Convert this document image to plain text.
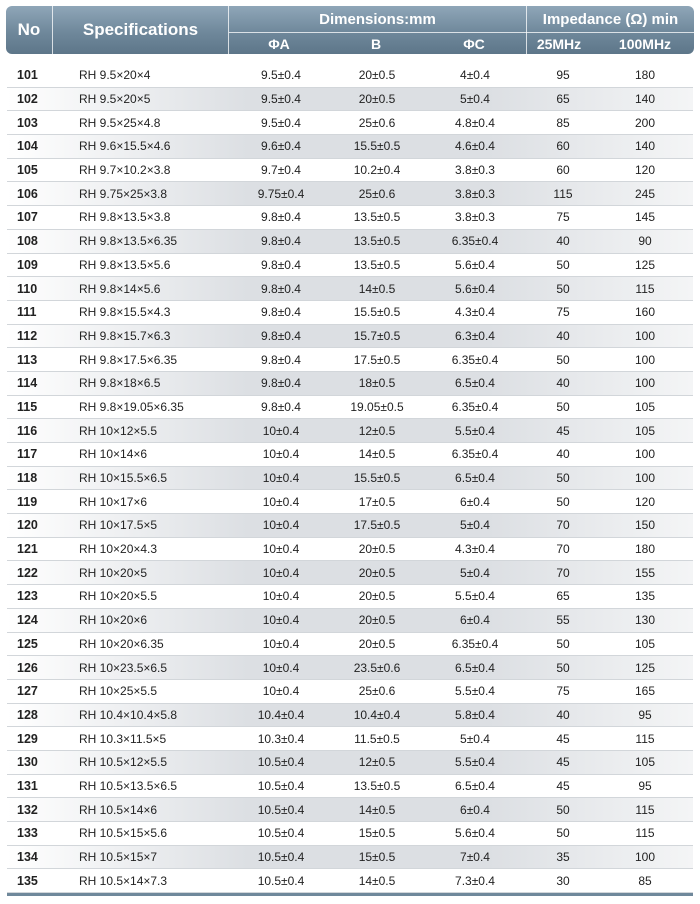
No	Specifications
Dimensions:mm
ΦA	B	ΦC
Impedance (Ω) min
25MHz	100MHz
101	RH 9.5×20×4	9.5±0.4	20±0.5	4±0.4	95	180
102	RH 9.5×20×5	9.5±0.4	20±0.5	5±0.4	65	140
103	RH 9.5×25×4.8	9.5±0.4	25±0.6	4.8±0.4	85	200
104	RH 9.6×15.5×4.6	9.6±0.4	15.5±0.5	4.6±0.4	60	140
105	RH 9.7×10.2×3.8	9.7±0.4	10.2±0.4	3.8±0.3	60	120
106	RH 9.75×25×3.8	9.75±0.4	25±0.6	3.8±0.3	115	245
107	RH 9.8×13.5×3.8	9.8±0.4	13.5±0.5	3.8±0.3	75	145
108	RH 9.8×13.5×6.35	9.8±0.4	13.5±0.5	6.35±0.4	40	90
109	RH 9.8×13.5×5.6	9.8±0.4	13.5±0.5	5.6±0.4	50	125
110	RH 9.8×14×5.6	9.8±0.4	14±0.5	5.6±0.4	50	115
111	RH 9.8×15.5×4.3	9.8±0.4	15.5±0.5	4.3±0.4	75	160
112	RH 9.8×15.7×6.3	9.8±0.4	15.7±0.5	6.3±0.4	40	100
113	RH 9.8×17.5×6.35	9.8±0.4	17.5±0.5	6.35±0.4	50	100
114	RH 9.8×18×6.5	9.8±0.4	18±0.5	6.5±0.4	40	100
115	RH 9.8×19.05×6.35	9.8±0.4	19.05±0.5	6.35±0.4	50	105
116	RH 10×12×5.5	10±0.4	12±0.5	5.5±0.4	45	105
117	RH 10×14×6	10±0.4	14±0.5	6.35±0.4	40	100
118	RH 10×15.5×6.5	10±0.4	15.5±0.5	6.5±0.4	50	100
119	RH 10×17×6	10±0.4	17±0.5	6±0.4	50	120
120	RH 10×17.5×5	10±0.4	17.5±0.5	5±0.4	70	150
121	RH 10×20×4.3	10±0.4	20±0.5	4.3±0.4	70	180
122	RH 10×20×5	10±0.4	20±0.5	5±0.4	70	155
123	RH 10×20×5.5	10±0.4	20±0.5	5.5±0.4	65	135
124	RH 10×20×6	10±0.4	20±0.5	6±0.4	55	130
125	RH 10×20×6.35	10±0.4	20±0.5	6.35±0.4	50	105
126	RH 10×23.5×6.5	10±0.4	23.5±0.6	6.5±0.4	50	125
127	RH 10×25×5.5	10±0.4	25±0.6	5.5±0.4	75	165
128	RH 10.4×10.4×5.8	10.4±0.4	10.4±0.4	5.8±0.4	40	95
129	RH 10.3×11.5×5	10.3±0.4	11.5±0.5	5±0.4	45	115
130	RH 10.5×12×5.5	10.5±0.4	12±0.5	5.5±0.4	45	105
131	RH 10.5×13.5×6.5	10.5±0.4	13.5±0.5	6.5±0.4	45	95
132	RH 10.5×14×6	10.5±0.4	14±0.5	6±0.4	50	115
133	RH 10.5×15×5.6	10.5±0.4	15±0.5	5.6±0.4	50	115
134	RH 10.5×15×7	10.5±0.4	15±0.5	7±0.4	35	100
135	RH 10.5×14×7.3	10.5±0.4	14±0.5	7.3±0.4	30	85
